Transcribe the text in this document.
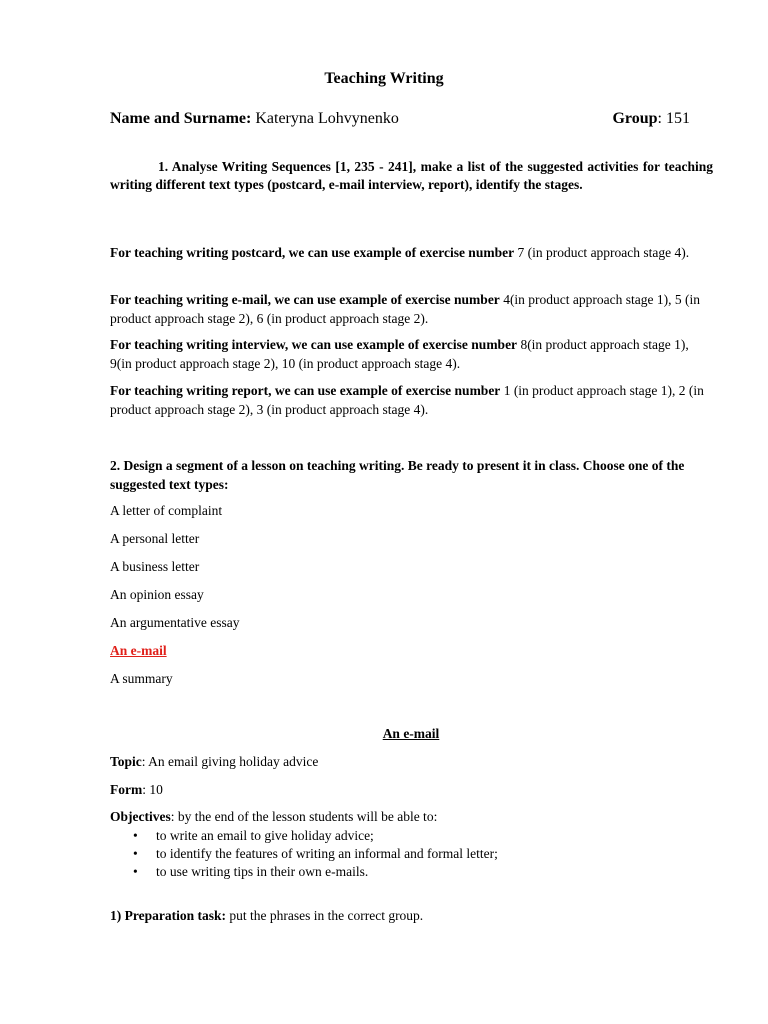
Teaching Writing
Name and Surname: Kateryna Lohvynenko	Group: 151

1. Analyse Writing Sequences [1, 235 - 241], make a list of the suggested activities for teaching writing different text types (postcard, e-mail interview, report), identify the stages.

For teaching writing postcard, we can use example of exercise number 7 (in product approach stage 4).

For teaching writing e-mail, we can use example of exercise number 4(in product approach stage 1), 5 (in product approach stage 2), 6 (in product approach stage 2).

For teaching writing interview, we can use example of exercise number 8(in product approach stage 1), 9(in product approach stage 2), 10 (in product approach stage 4).

For teaching writing report, we can use example of exercise number 1 (in product approach stage 1), 2 (in product approach stage 2), 3 (in product approach stage 4).

2. Design a segment of a lesson on teaching writing. Be ready to present it in class. Choose one of the suggested text types:

A letter of complaint
A personal letter
A business letter
An opinion essay
An argumentative essay
An e-mail
A summary
An e-mail
Topic: An email giving holiday advice
Form: 10
Objectives: by the end of the lesson students will be able to:
• to write an email to give holiday advice;
• to identify the features of writing an informal and formal letter;
• to use writing tips in their own e-mails.
1) Preparation task: put the phrases in the correct group.
